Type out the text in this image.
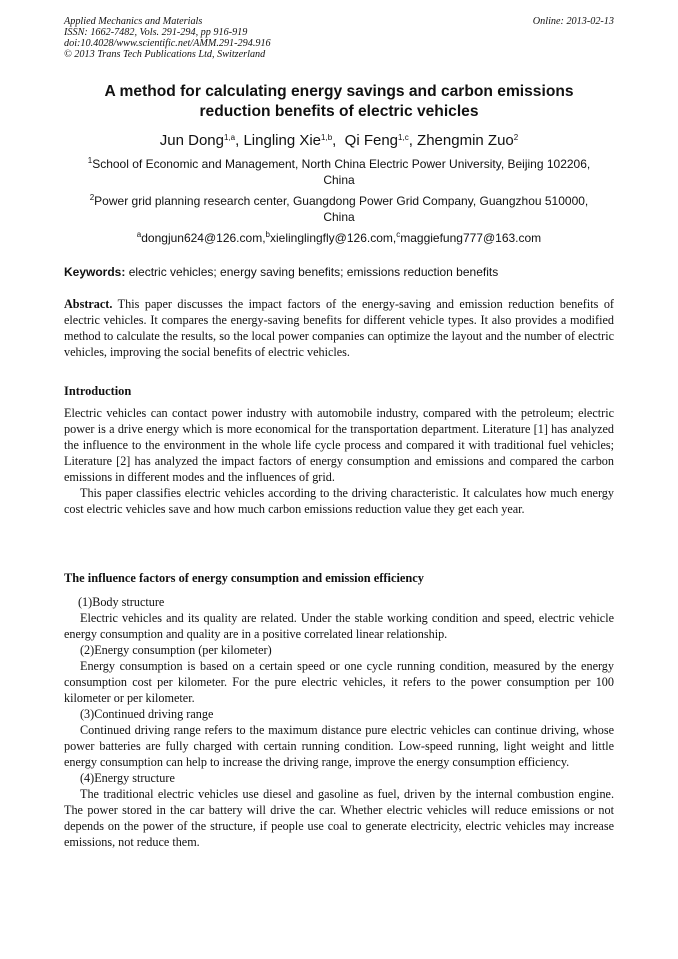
Applied Mechanics and Materials
ISSN: 1662-7482, Vols. 291-294, pp 916-919
doi:10.4028/www.scientific.net/AMM.291-294.916
© 2013 Trans Tech Publications Ltd, Switzerland
Online: 2013-02-13
A method for calculating energy savings and carbon emissions
reduction benefits of electric vehicles
Jun Dong$^{1,a}$, Lingling Xie$^{1,b}$,  Qi Feng$^{1,c}$, Zhengmin Zuo$^2$
$^1$School of Economic and Management, North China Electric Power University, Beijing 102206, China
$^2$Power grid planning research center, Guangdong Power Grid Company, Guangzhou 510000, China
$^a$dongjun624@126.com,$^b$xielinglingfly@126.com,$^c$maggiefung777@163.com
Keywords: electric vehicles; energy saving benefits; emissions reduction benefits
Abstract. This paper discusses the impact factors of the energy-saving and emission reduction benefits of electric vehicles. It compares the energy-saving benefits for different vehicle types. It also provides a modified method to calculate the results, so the local power companies can optimize the layout and the number of electric vehicles, improving the social benefits of electric vehicles.
Introduction

Electric vehicles can contact power industry with automobile industry, compared with the petroleum; electric power is a drive energy which is more economical for the transportation department. Literature [1] has analyzed the influence to the environment in the whole life cycle process and compared it with traditional fuel vehicles; Literature [2] has analyzed the impact factors of energy consumption and emissions and compared the carbon emissions in different modes and the influences of grid.

This paper classifies electric vehicles according to the driving characteristic. It calculates how much energy cost electric vehicles save and how much carbon emissions reduction value they get each year.

The influence factors of energy consumption and emission efficiency

(1)Body structure

Electric vehicles and its quality are related. Under the stable working condition and speed, electric vehicle energy consumption and quality are in a positive correlated linear relationship.

(2)Energy consumption (per kilometer)

Energy consumption is based on a certain speed or one cycle running condition, measured by the energy consumption cost per kilometer. For the pure electric vehicles, it refers to the power consumption per 100 kilometer or per kilometer.

(3)Continued driving range

Continued driving range refers to the maximum distance pure electric vehicles can continue driving, whose power batteries are fully charged with certain running condition. Low-speed running, light weight and little energy consumption can help to increase the driving range, improve the energy consumption efficiency.

(4)Energy structure

The traditional electric vehicles use diesel and gasoline as fuel, driven by the internal combustion engine. The power stored in the car battery will drive the car. Whether electric vehicles will reduce emissions or not depends on the power of the structure, if people use coal to generate electricity, electric vehicles may increase emissions, not reduce them.
